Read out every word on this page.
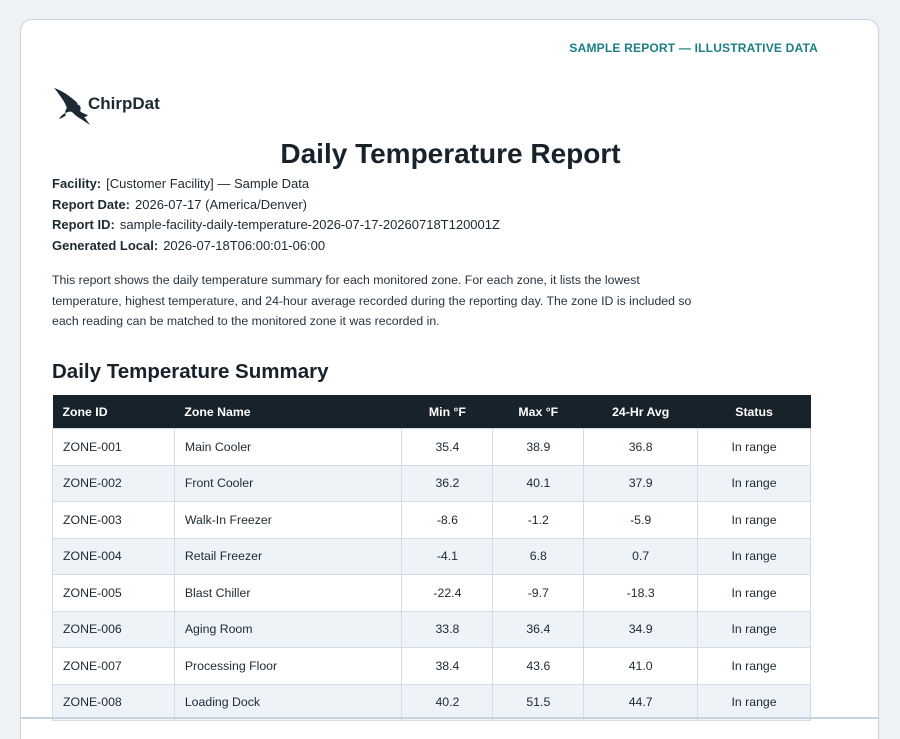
SAMPLE REPORT — ILLUSTRATIVE DATA
ChirpDat
Daily Temperature Report
Facility: [Customer Facility] — Sample Data
Report Date: 2026-07-17 (America/Denver)
Report ID: sample-facility-daily-temperature-2026-07-17-20260718T120001Z
Generated Local: 2026-07-18T06:00:01-06:00

This report shows the daily temperature summary for each monitored zone. For each zone, it lists the lowest temperature, highest temperature, and 24-hour average recorded during the reporting day. The zone ID is included so each reading can be matched to the monitored zone it was recorded in.

Daily Temperature Summary
Zone ID	Zone Name	Min °F	Max °F	24-Hr Avg	Status
ZONE-001	Main Cooler	35.4	38.9	36.8	In range
ZONE-002	Front Cooler	36.2	40.1	37.9	In range
ZONE-003	Walk-In Freezer	-8.6	-1.2	-5.9	In range
ZONE-004	Retail Freezer	-4.1	6.8	0.7	In range
ZONE-005	Blast Chiller	-22.4	-9.7	-18.3	In range
ZONE-006	Aging Room	33.8	36.4	34.9	In range
ZONE-007	Processing Floor	38.4	43.6	41.0	In range
ZONE-008	Loading Dock	40.2	51.5	44.7	In range
